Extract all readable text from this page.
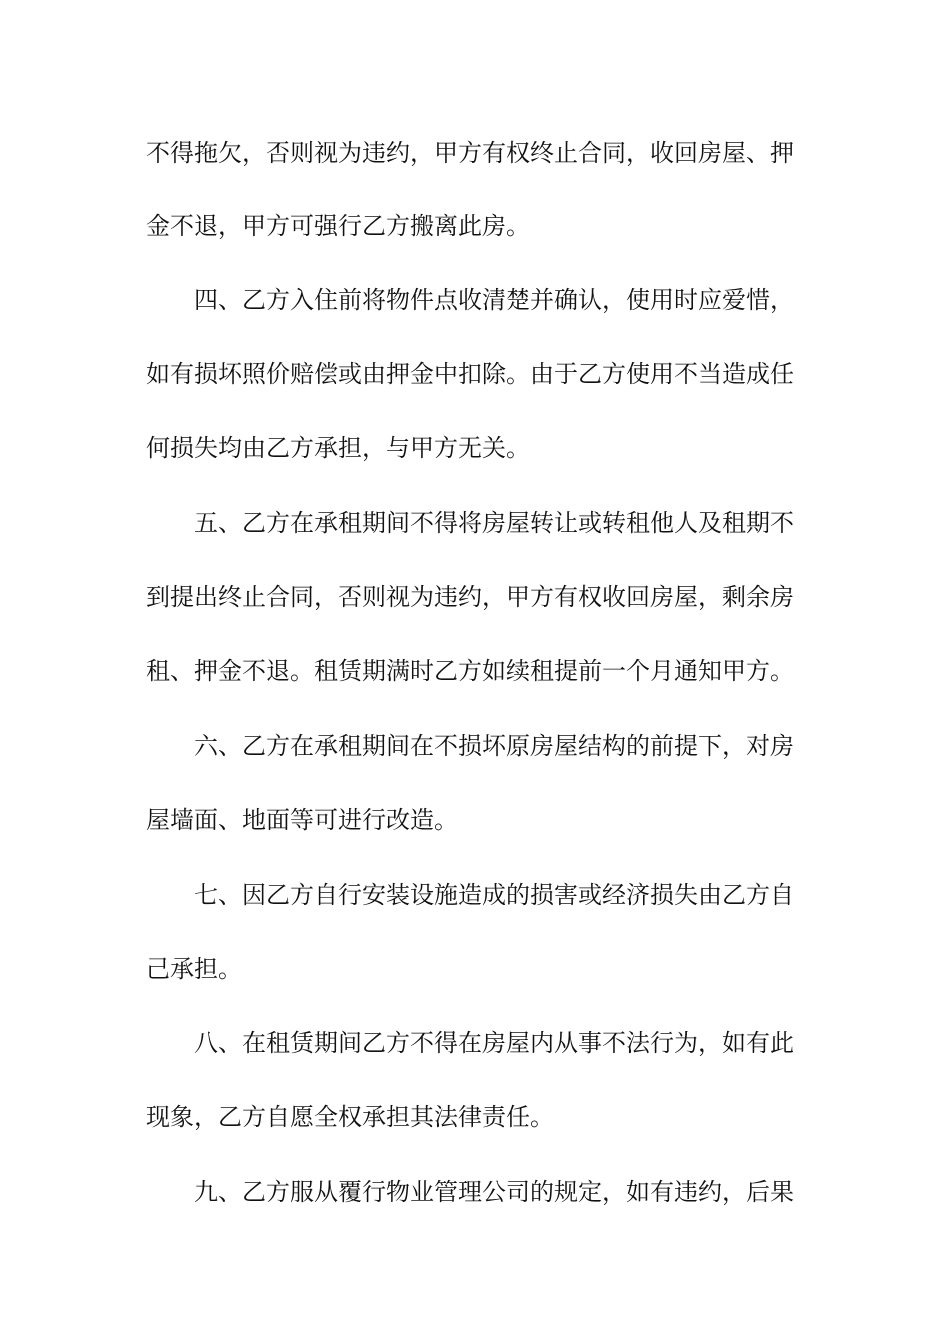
不得拖欠，否则视为违约，甲方有权终止合同，收回房屋、押

金不退，甲方可强行乙方搬离此房。

四、乙方入住前将物件点收清楚并确认，使用时应爱惜，

如有损坏照价赔偿或由押金中扣除。由于乙方使用不当造成任

何损失均由乙方承担，与甲方无关。

五、乙方在承租期间不得将房屋转让或转租他人及租期不

到提出终止合同，否则视为违约，甲方有权收回房屋，剩余房

租、押金不退。租赁期满时乙方如续租提前一个月通知甲方。

六、乙方在承租期间在不损坏原房屋结构的前提下，对房

屋墙面、地面等可进行改造。

七、因乙方自行安装设施造成的损害或经济损失由乙方自

己承担。

八、在租赁期间乙方不得在房屋内从事不法行为，如有此

现象，乙方自愿全权承担其法律责任。

九、乙方服从覆行物业管理公司的规定，如有违约，后果
